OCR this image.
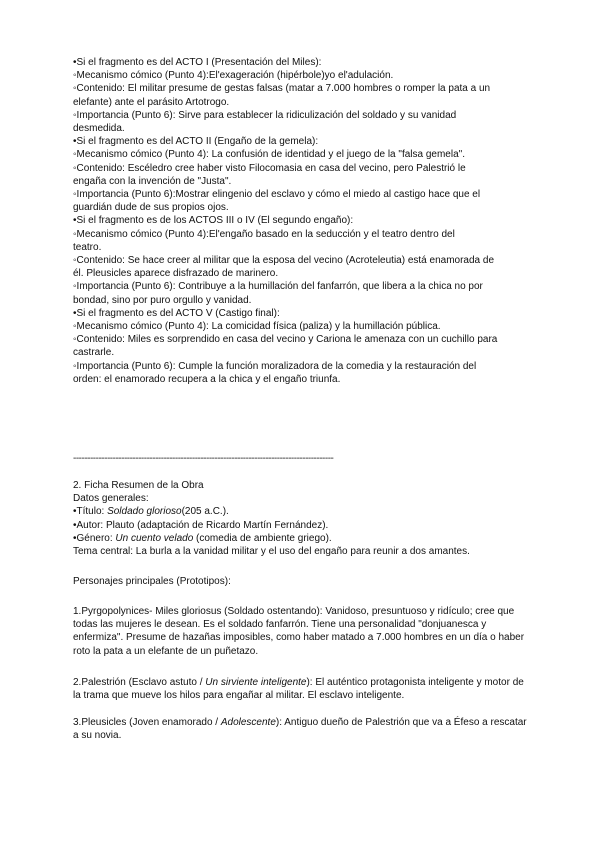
•Si el fragmento es del ACTO I (Presentación del Miles):
◦Mecanismo cómico (Punto 4):El'exageración (hipérbole)yo el'adulación.
◦Contenido: El militar presume de gestas falsas (matar a 7.000 hombres o romper la pata a un
elefante) ante el parásito Artotrogo.
◦Importancia (Punto 6): Sirve para establecer la ridiculización del soldado y su vanidad
desmedida.
•Si el fragmento es del ACTO II (Engaño de la gemela):
◦Mecanismo cómico (Punto 4): La confusión de identidad y el juego de la "falsa gemela".
◦Contenido: Escéledro cree haber visto Filocomasia en casa del vecino, pero Palestrió le
engaña con la invención de "Justa".
◦Importancia (Punto 6):Mostrar elingenio del esclavo y cómo el miedo al castigo hace que el
guardián dude de sus propios ojos.
•Si el fragmento es de los ACTOS III o IV (El segundo engaño):
◦Mecanismo cómico (Punto 4):El'engaño basado en la seducción y el teatro dentro del
teatro.
◦Contenido: Se hace creer al militar que la esposa del vecino (Acroteleutia) está enamorada de
él. Pleusicles aparece disfrazado de marinero.
◦Importancia (Punto 6): Contribuye a la humillación del fanfarrón, que libera a la chica no por
bondad, sino por puro orgullo y vanidad.
•Si el fragmento es del ACTO V (Castigo final):
◦Mecanismo cómico (Punto 4): La comicidad física (paliza) y la humillación pública.
◦Contenido: Miles es sorprendido en casa del vecino y Cariona le amenaza con un cuchillo para
castrarle.
◦Importancia (Punto 6): Cumple la función moralizadora de la comedia y la restauración del
orden: el enamorado recupera a la chica y el engaño triunfa.
--------------------------------------------------------------------------------------------
2. Ficha Resumen de la Obra
Datos generales:
•Título: Soldado glorioso(205 a.C.).
•Autor: Plauto (adaptación de Ricardo Martín Fernández).
•Género: Un cuento velado (comedia de ambiente griego).
Tema central: La burla a la vanidad militar y el uso del engaño para reunir a dos amantes.
Personajes principales (Prototipos):
1.Pyrgopolynices- Miles gloriosus (Soldado ostentando): Vanidoso, presuntuoso y ridículo; cree que todas las mujeres le desean. Es el soldado fanfarrón. Tiene una personalidad "donjuanesca y enfermiza". Presume de hazañas imposibles, como haber matado a 7.000 hombres en un día o haber roto la pata a un elefante de un puñetazo.
2.Palestrión (Esclavo astuto / Un sirviente inteligente): El auténtico protagonista inteligente y motor de la trama que mueve los hilos para engañar al militar. El esclavo inteligente.
3.Pleusicles (Joven enamorado / Adolescente): Antiguo dueño de Palestrión que va a Éfeso a rescatar a su novia.
